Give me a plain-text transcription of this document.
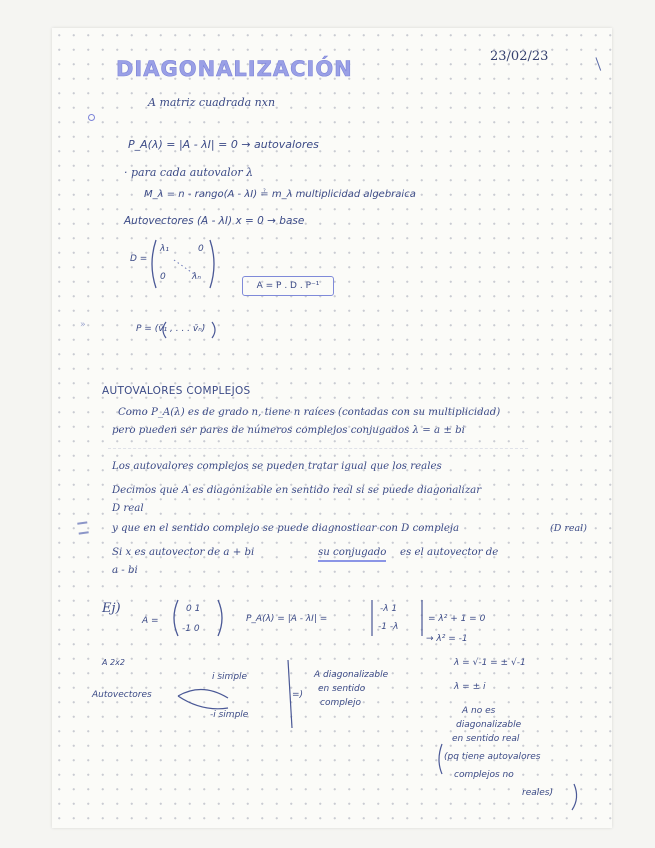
23/02/23
DIAGONALIZACIÓN
A matriz cuadrada nxn
P_A(λ) = |A - λI| = 0 → autovalores
· para cada autovalor λ
M_λ = n - rango(A - λI) ≟ m_λ multiplicidad algebraica
Autovectores (A - λI) x = 0 → base
D =
λ₁	0
0	λₙ
A = P . D . P⁻¹
»	P = (v̄₁ , . . . v̄ₙ)
AUTOVALORES COMPLEJOS
Como P_A(λ) es de grado n, tiene n raíces (contadas con su multiplicidad)
pero pueden ser pares de números complejos conjugados λ = a ± bi
Los autovalores complejos se pueden tratar igual que los reales
Decimos que A es diagonizable en sentido real si se puede diagonalizar
D real
y que en el sentido complejo se puede diagnosticar con D compleja	(D real)
Si x es autovector de a + bi	su conjugado es el autovector de
a - bi
Ej)
A =
0 1
-1 0
P_A(λ) = |A - λI| =
-λ 1
-1 -λ
= λ² + 1 = 0
→ λ² = -1
λ = √-1 = ± √-1
λ = ± i
A 2x2
Autovectores
i simple
-i simple
=)
A diagonalizable
en sentido
complejo
A no es
diagonalizable
en sentido real
(pq tiene autovalores
complejos no
reales)
